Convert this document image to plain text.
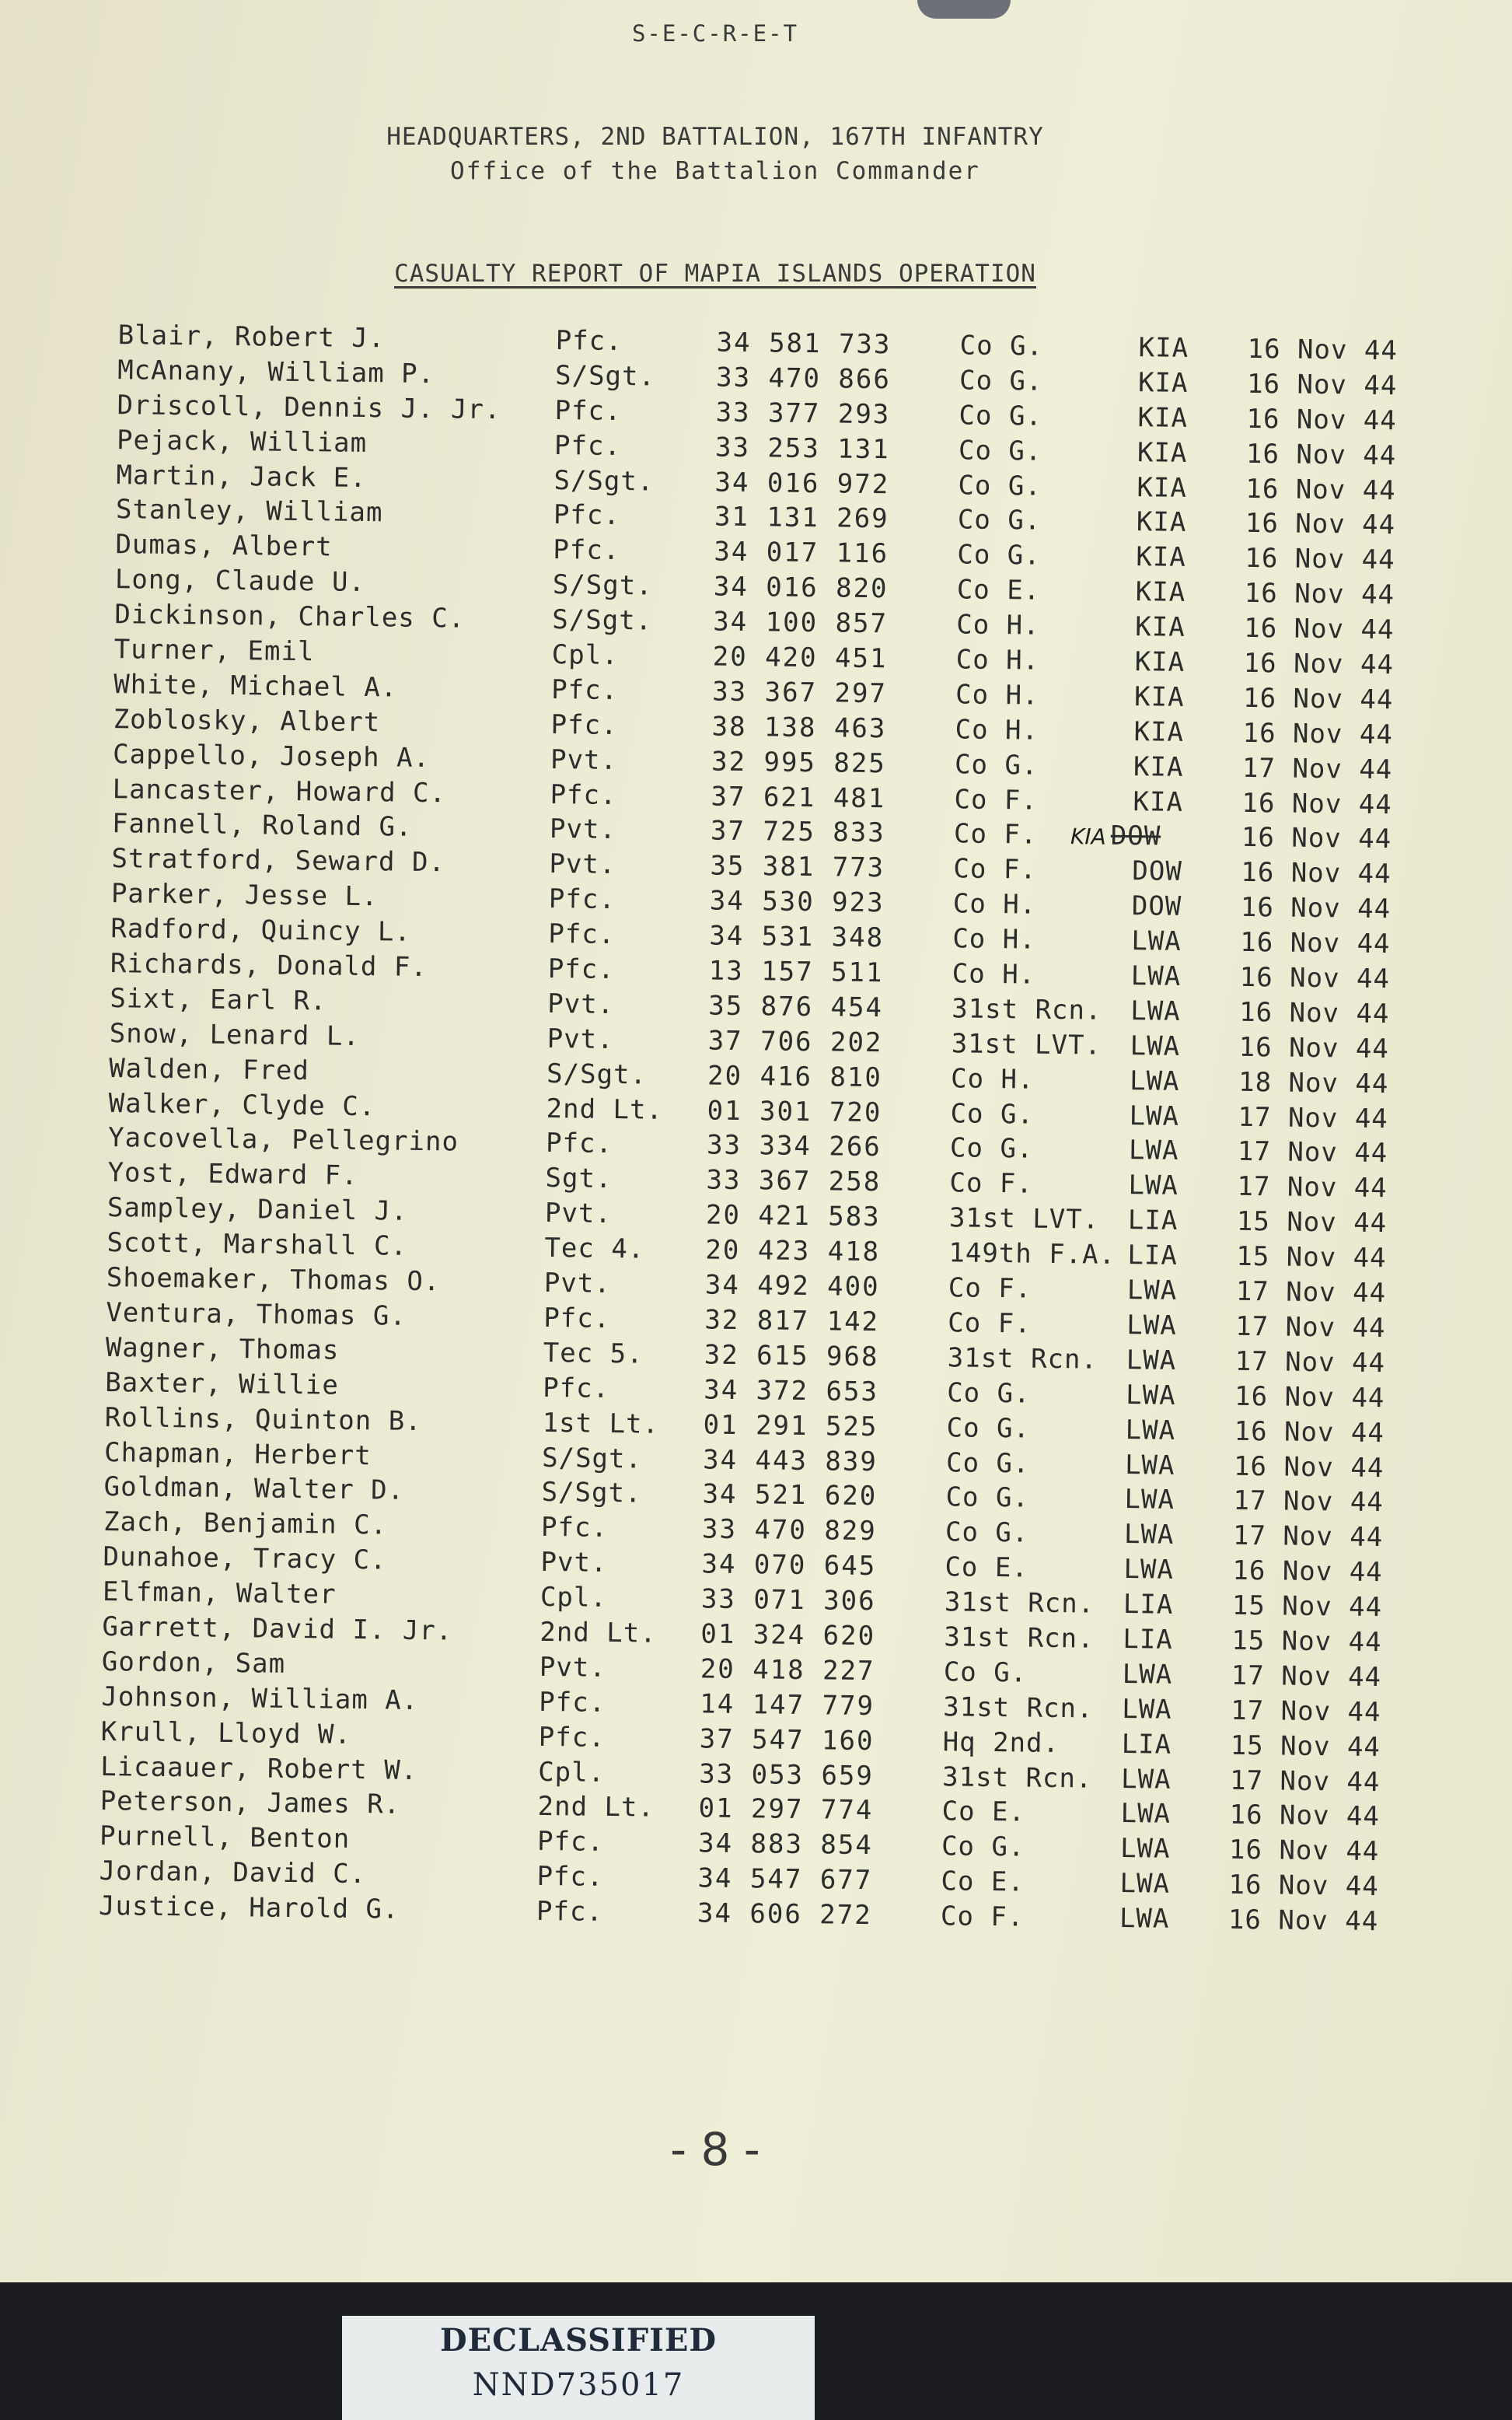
S-E-C-R-E-T
HEADQUARTERS, 2ND BATTALION, 167TH INFANTRY
Office of the Battalion Commander
CASUALTY REPORT OF MAPIA ISLANDS OPERATION
Blair, Robert J.	Pfc.	34 581 733	Co G.	KIA 16 Nov 44
McAnany, William P.	S/Sgt. 33 470 866	Co G.	KIA 16 Nov 44
Driscoll, Dennis J. Jr. Pfc.	33 377 293	Co G.	KIA 16 Nov 44
Pejack, William	Pfc.	33 253 131	Co G.	KIA 16 Nov 44
Martin, Jack E.	S/Sgt. 34 016 972	Co G.	KIA 16 Nov 44
Stanley, William	Pfc.	31 131 269	Co G.	KIA 16 Nov 44
Dumas, Albert	Pfc.	34 017 116	Co G.	KIA 16 Nov 44
Long, Claude U.	S/Sgt. 34 016 820	Co E.	KIA 16 Nov 44
Dickinson, Charles C.	S/Sgt. 34 100 857	Co H.	KIA 16 Nov 44
Turner, Emil	Cpl.	20 420 451	Co H.	KIA 16 Nov 44
White, Michael A.	Pfc.	33 367 297	Co H.	KIA 16 Nov 44
Zoblosky, Albert	Pfc.	38 138 463	Co H.	KIA 16 Nov 44
Cappello, Joseph A.	Pvt.	32 995 825	Co G.	KIA 17 Nov 44
Lancaster, Howard C.	Pfc.	37 621 481	Co F.	KIA 16 Nov 44
Fannell, Roland G.	Pvt.	37 725 833	Co F. KIA DOW	16 Nov 44
Stratford, Seward D.	Pvt.	35 381 773	Co F.	DOW 16 Nov 44
Parker, Jesse L.	Pfc.	34 530 923	Co H.	DOW 16 Nov 44
Radford, Quincy L.	Pfc.	34 531 348	Co H.	LWA 16 Nov 44
Richards, Donald F.	Pfc.	13 157 511	Co H.	LWA 16 Nov 44
Sixt, Earl R.	Pvt.	35 876 454	31st Rcn. LWA 16 Nov 44
Snow, Lenard L.	Pvt.	37 706 202	31st LVT. LWA 16 Nov 44
Walden, Fred	S/Sgt. 20 416 810	Co H.	LWA 18 Nov 44
Walker, Clyde C.	2nd Lt. 01 301 720	Co G.	LWA 17 Nov 44
Yacovella, Pellegrino	Pfc.	33 334 266	Co G.	LWA 17 Nov 44
Yost, Edward F.	Sgt.	33 367 258	Co F.	LWA 17 Nov 44
Sampley, Daniel J.	Pvt.	20 421 583	31st LVT. LIA 15 Nov 44
Scott, Marshall C.	Tec 4. 20 423 418	149th F.A. LIA 15 Nov 44
Shoemaker, Thomas O.	Pvt.	34 492 400	Co F.	LWA 17 Nov 44
Ventura, Thomas G.	Pfc.	32 817 142	Co F.	LWA 17 Nov 44
Wagner, Thomas	Tec 5. 32 615 968	31st Rcn. LWA 17 Nov 44
Baxter, Willie	Pfc.	34 372 653	Co G.	LWA 16 Nov 44
Rollins, Quinton B.	1st Lt. 01 291 525	Co G.	LWA 16 Nov 44
Chapman, Herbert	S/Sgt. 34 443 839	Co G.	LWA 16 Nov 44
Goldman, Walter D.	S/Sgt. 34 521 620	Co G.	LWA 17 Nov 44
Zach, Benjamin C.	Pfc.	33 470 829	Co G.	LWA 17 Nov 44
Dunahoe, Tracy C.	Pvt.	34 070 645	Co E.	LWA 16 Nov 44
Elfman, Walter	Cpl.	33 071 306	31st Rcn. LIA 15 Nov 44
Garrett, David I. Jr.	2nd Lt. 01 324 620	31st Rcn. LIA 15 Nov 44
Gordon, Sam	Pvt.	20 418 227	Co G.	LWA 17 Nov 44
Johnson, William A.	Pfc.	14 147 779	31st Rcn. LWA 17 Nov 44
Krull, Lloyd W.	Pfc.	37 547 160	Hq 2nd. LIA 15 Nov 44
Licaauer, Robert W.	Cpl.	33 053 659	31st Rcn. LWA 17 Nov 44
Peterson, James R.	2nd Lt. 01 297 774	Co E.	LWA 16 Nov 44
Purnell, Benton	Pfc.	34 883 854	Co G.	LWA 16 Nov 44
Jordan, David C.	Pfc.	34 547 677	Co E.	LWA 16 Nov 44
Justice, Harold G.	Pfc.	34 606 272	Co F.	LWA 16 Nov 44
- 8 -
DECLASSIFIED
NND735017
